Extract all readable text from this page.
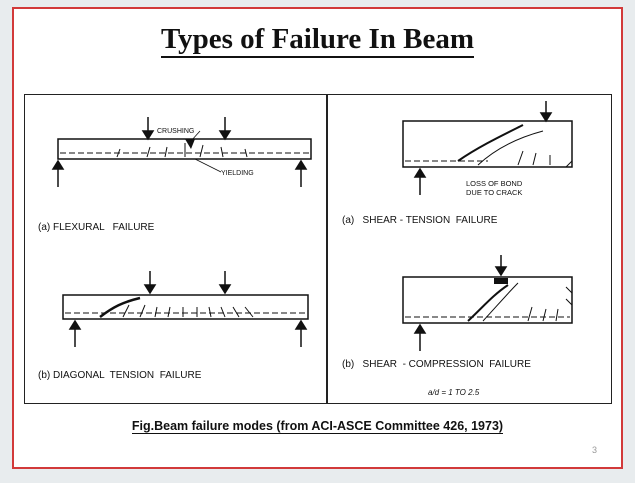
Types of Failure In Beam
CRUSHING
YIELDING
(a) FLEXURAL   FAILURE
(b) DIAGONAL  TENSION  FAILURE
LOSS OF BOND
DUE TO CRACK
(a)   SHEAR - TENSION  FAILURE
(b)   SHEAR  - COMPRESSION  FAILURE
a/d = 1 TO 2.5
Fig.Beam failure modes (from ACI-ASCE Committee 426, 1973)
3
